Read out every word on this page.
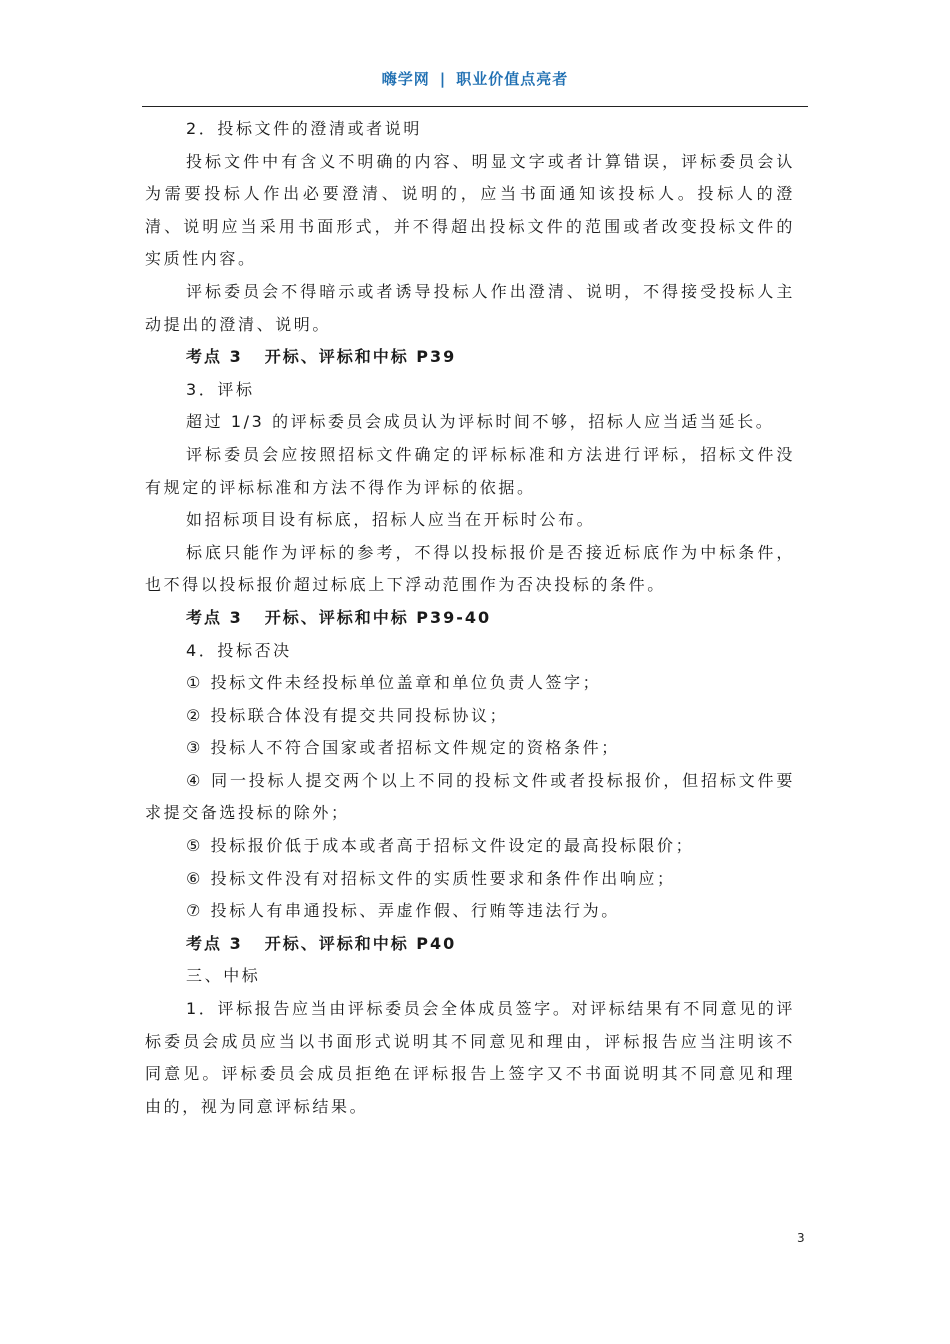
嗨学网 | 职业价值点亮者

2．投标文件的澄清或者说明

投标文件中有含义不明确的内容、明显文字或者计算错误，评标委员会认为需要投标人作出必要澄清、说明的，应当书面通知该投标人。投标人的澄清、说明应当采用书面形式，并不得超出投标文件的范围或者改变投标文件的实质性内容。

评标委员会不得暗示或者诱导投标人作出澄清、说明，不得接受投标人主动提出的澄清、说明。

考点 3 开标、评标和中标 P39

3．评标

超过 1/3 的评标委员会成员认为评标时间不够，招标人应当适当延长。

评标委员会应按照招标文件确定的评标标准和方法进行评标，招标文件没有规定的评标标准和方法不得作为评标的依据。

如招标项目设有标底，招标人应当在开标时公布。

标底只能作为评标的参考，不得以投标报价是否接近标底作为中标条件，也不得以投标报价超过标底上下浮动范围作为否决投标的条件。

考点 3 开标、评标和中标 P39-40

4．投标否决

① 投标文件未经投标单位盖章和单位负责人签字；

② 投标联合体没有提交共同投标协议；

③ 投标人不符合国家或者招标文件规定的资格条件；

④ 同一投标人提交两个以上不同的投标文件或者投标报价，但招标文件要求提交备选投标的除外；

⑤ 投标报价低于成本或者高于招标文件设定的最高投标限价；

⑥ 投标文件没有对招标文件的实质性要求和条件作出响应；

⑦ 投标人有串通投标、弄虚作假、行贿等违法行为。

考点 3 开标、评标和中标 P40

三、中标

1．评标报告应当由评标委员会全体成员签字。对评标结果有不同意见的评标委员会成员应当以书面形式说明其不同意见和理由，评标报告应当注明该不同意见。评标委员会成员拒绝在评标报告上签字又不书面说明其不同意见和理由的，视为同意评标结果。

3
